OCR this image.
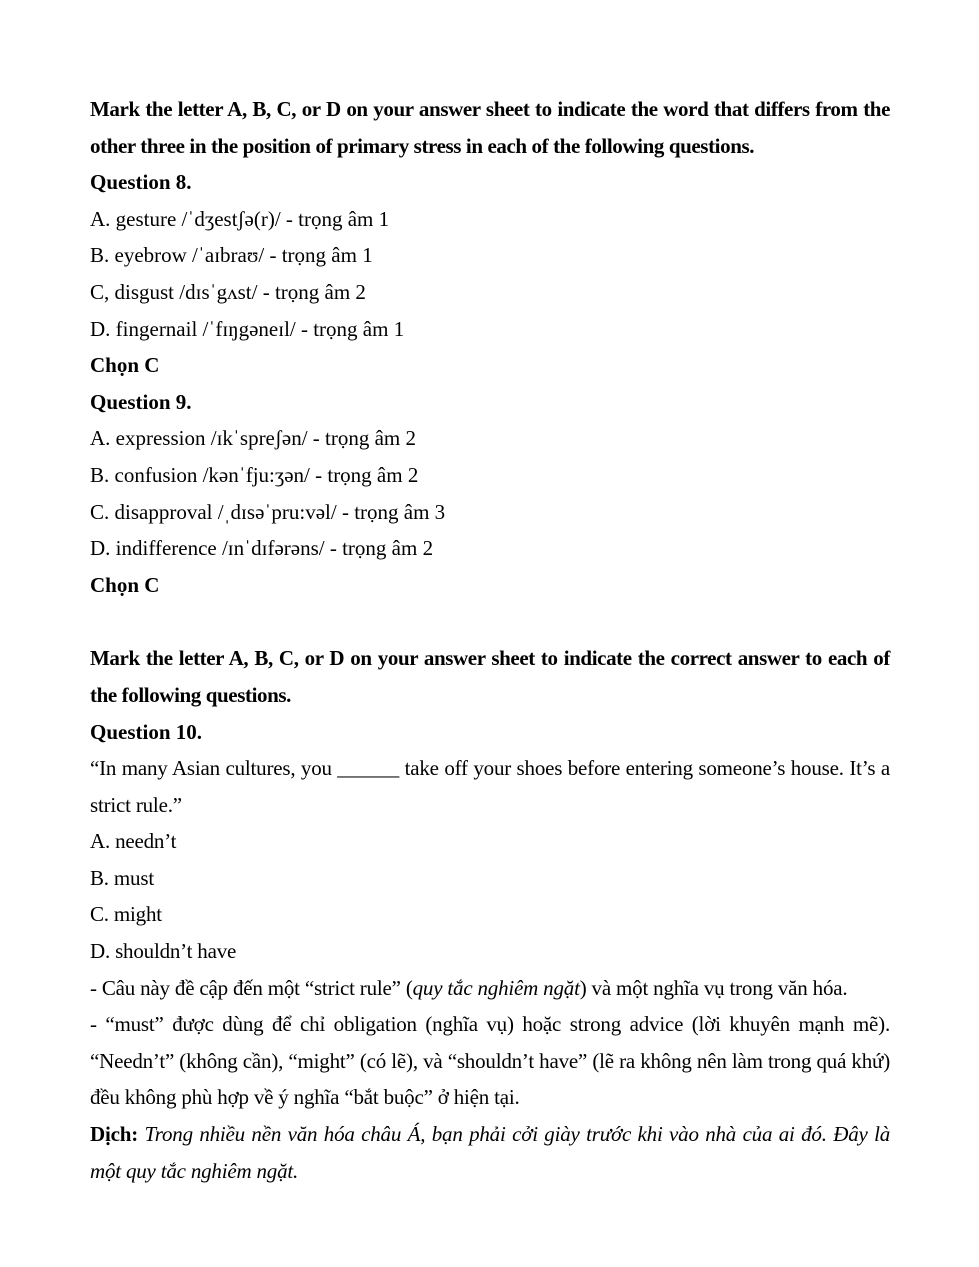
Mark the letter A, B, C, or D on your answer sheet to indicate the word that differs from the other three in the position of primary stress in each of the following questions.

Question 8.

A. gesture /ˈdʒestʃə(r)/ - trọng âm 1

B. eyebrow /ˈaɪbraʊ/ - trọng âm 1

C, disgust /dɪsˈgʌst/ - trọng âm 2

D. fingernail /ˈfɪŋgəneɪl/ - trọng âm 1

Chọn C

Question 9.

A. expression /ɪkˈspreʃən/ - trọng âm 2

B. confusion /kənˈfju:ʒən/ - trọng âm 2

C. disapproval /ˌdɪsəˈpru:vəl/ - trọng âm 3

D. indifference /ɪnˈdɪfərəns/ - trọng âm 2

Chọn C

Mark the letter A, B, C, or D on your answer sheet to indicate the correct answer to each of the following questions.

Question 10.

“In many Asian cultures, you ______ take off your shoes before entering someone’s house. It’s a strict rule.”

A. needn’t

B. must

C. might

D. shouldn’t have

- Câu này đề cập đến một “strict rule” (quy tắc nghiêm ngặt) và một nghĩa vụ trong văn hóa.

- “must” được dùng để chỉ obligation (nghĩa vụ) hoặc strong advice (lời khuyên mạnh mẽ). “Needn’t” (không cần), “might” (có lẽ), và “shouldn’t have” (lẽ ra không nên làm trong quá khứ) đều không phù hợp về ý nghĩa “bắt buộc” ở hiện tại.

Dịch: Trong nhiều nền văn hóa châu Á, bạn phải cởi giày trước khi vào nhà của ai đó. Đây là một quy tắc nghiêm ngặt.
